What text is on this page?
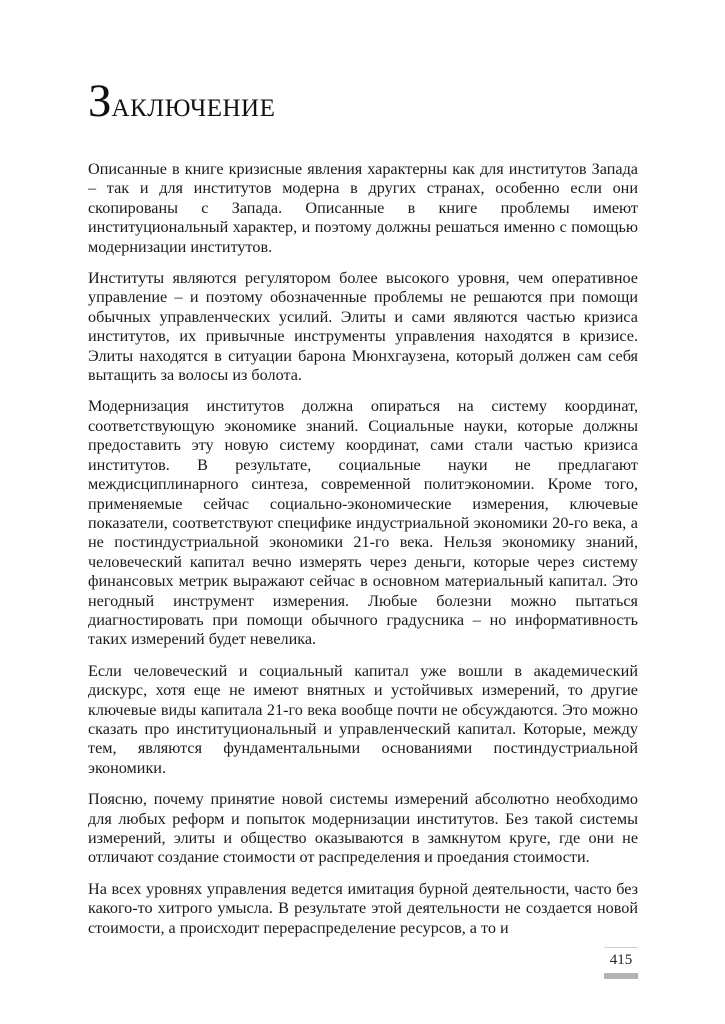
ЗАКЛЮЧЕНИЕ

Описанные в книге кризисные явления характерны как для институтов Запада – так и для институтов модерна в других странах, особенно если они скопированы с Запада. Описанные в книге проблемы имеют институциональный характер, и поэтому должны решаться именно с помощью модернизации институтов.

Институты являются регулятором более высокого уровня, чем оперативное управление – и поэтому обозначенные проблемы не решаются при помощи обычных управленческих усилий. Элиты и сами являются частью кризиса институтов, их привычные инструменты управления находятся в кризисе. Элиты находятся в ситуации барона Мюнхгаузена, который должен сам себя вытащить за волосы из болота.

Модернизация институтов должна опираться на систему координат, соответствующую экономике знаний. Социальные науки, которые должны предоставить эту новую систему координат, сами стали частью кризиса институтов. В результате, социальные науки не предлагают междисциплинарного синтеза, современной политэкономии. Кроме того, применяемые сейчас социально-экономические измерения, ключевые показатели, соответствуют специфике индустриальной экономики 20-го века, а не постиндустриальной экономики 21-го века. Нельзя экономику знаний, человеческий капитал вечно измерять через деньги, которые через систему финансовых метрик выражают сейчас в основном материальный капитал. Это негодный инструмент измерения. Любые болезни можно пытаться диагностировать при помощи обычного градусника – но информативность таких измерений будет невелика.

Если человеческий и социальный капитал уже вошли в академический дискурс, хотя еще не имеют внятных и устойчивых измерений, то другие ключевые виды капитала 21-го века вообще почти не обсуждаются. Это можно сказать про институциональный и управленческий капитал. Которые, между тем, являются фундаментальными основаниями постиндустриальной экономики.

Поясню, почему принятие новой системы измерений абсолютно необходимо для любых реформ и попыток модернизации институтов. Без такой системы измерений, элиты и общество оказываются в замкнутом круге, где они не отличают создание стоимости от распределения и проедания стоимости.

На всех уровнях управления ведется имитация бурной деятельности, часто без какого-то хитрого умысла. В результате этой деятельности не создается новой стоимости, а происходит перераспределение ресурсов, а то и

415
